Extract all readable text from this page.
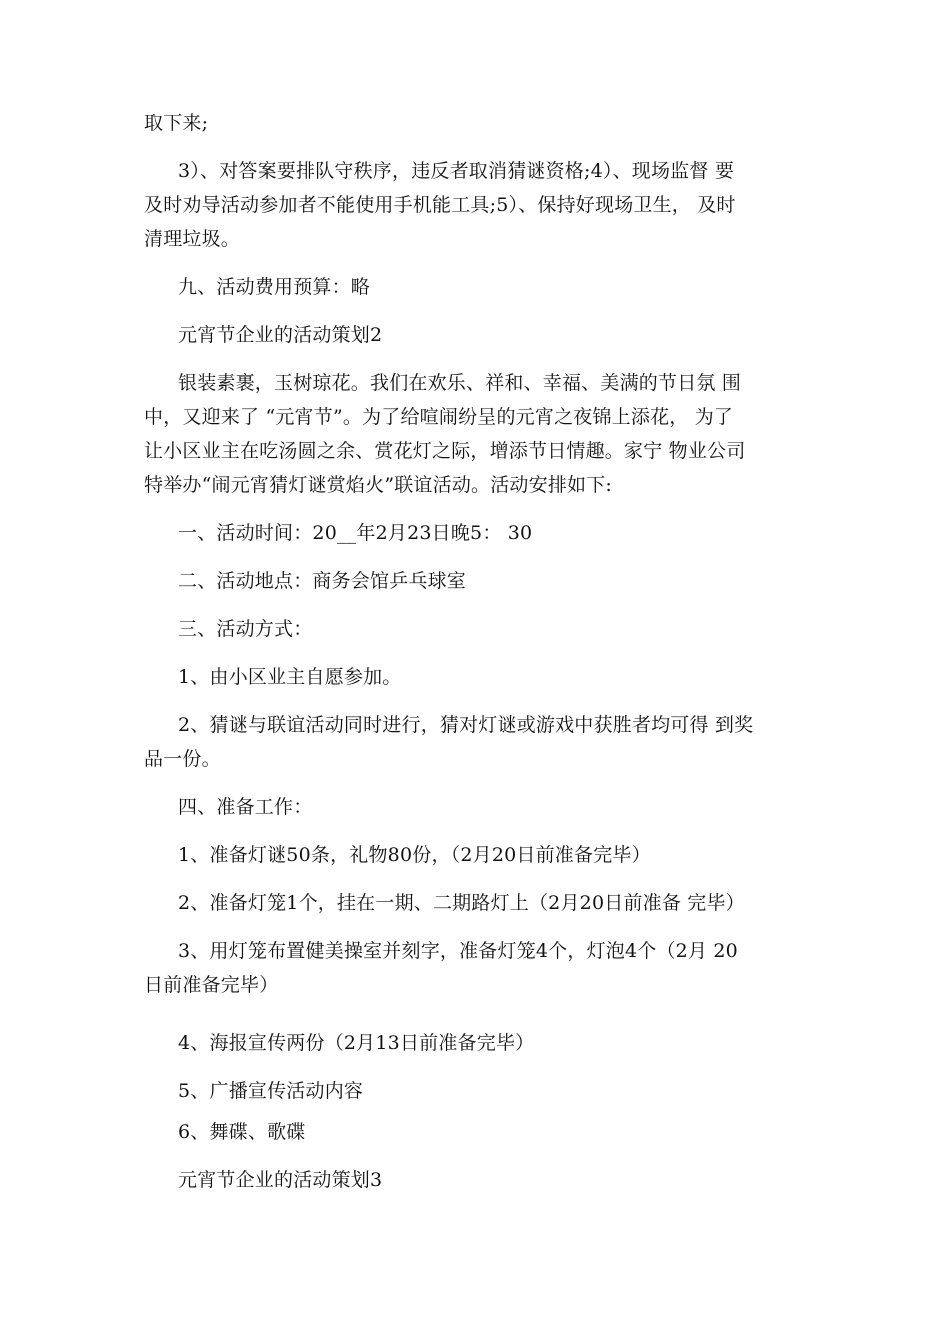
取下来;
3）、对答案要排队守秩序，违反者取消猜谜资格;4）、现场监督 要
及时劝导活动参加者不能使用手机能工具;5）、保持好现场卫生， 及时
清理垃圾。
九、活动费用预算：略
元宵节企业的活动策划2
银装素裹，玉树琼花。我们在欢乐、祥和、幸福、美满的节日氛 围
中，又迎来了 “元宵节”。为了给喧闹纷呈的元宵之夜锦上添花， 为了
让小区业主在吃汤圆之余、赏花灯之际，增添节日情趣。家宁 物业公司
特举办“闹元宵猜灯谜赏焰火”联谊活动。活动安排如下:
一、活动时间：20__年2月23日晚5： 30
二、活动地点：商务会馆乒乓球室
三、活动方式：
1、由小区业主自愿参加。
2、猜谜与联谊活动同时进行，猜对灯谜或游戏中获胜者均可得 到奖
品一份。
四、准备工作：
1、准备灯谜50条，礼物80份，（2月20日前准备完毕）
2、准备灯笼1个，挂在一期、二期路灯上（2月20日前准备 完毕）
3、用灯笼布置健美操室并刻字，准备灯笼4个，灯泡4个（2月 20
日前准备完毕）
4、海报宣传两份（2月13日前准备完毕）
5、广播宣传活动内容
6、舞碟、歌碟
元宵节企业的活动策划3
